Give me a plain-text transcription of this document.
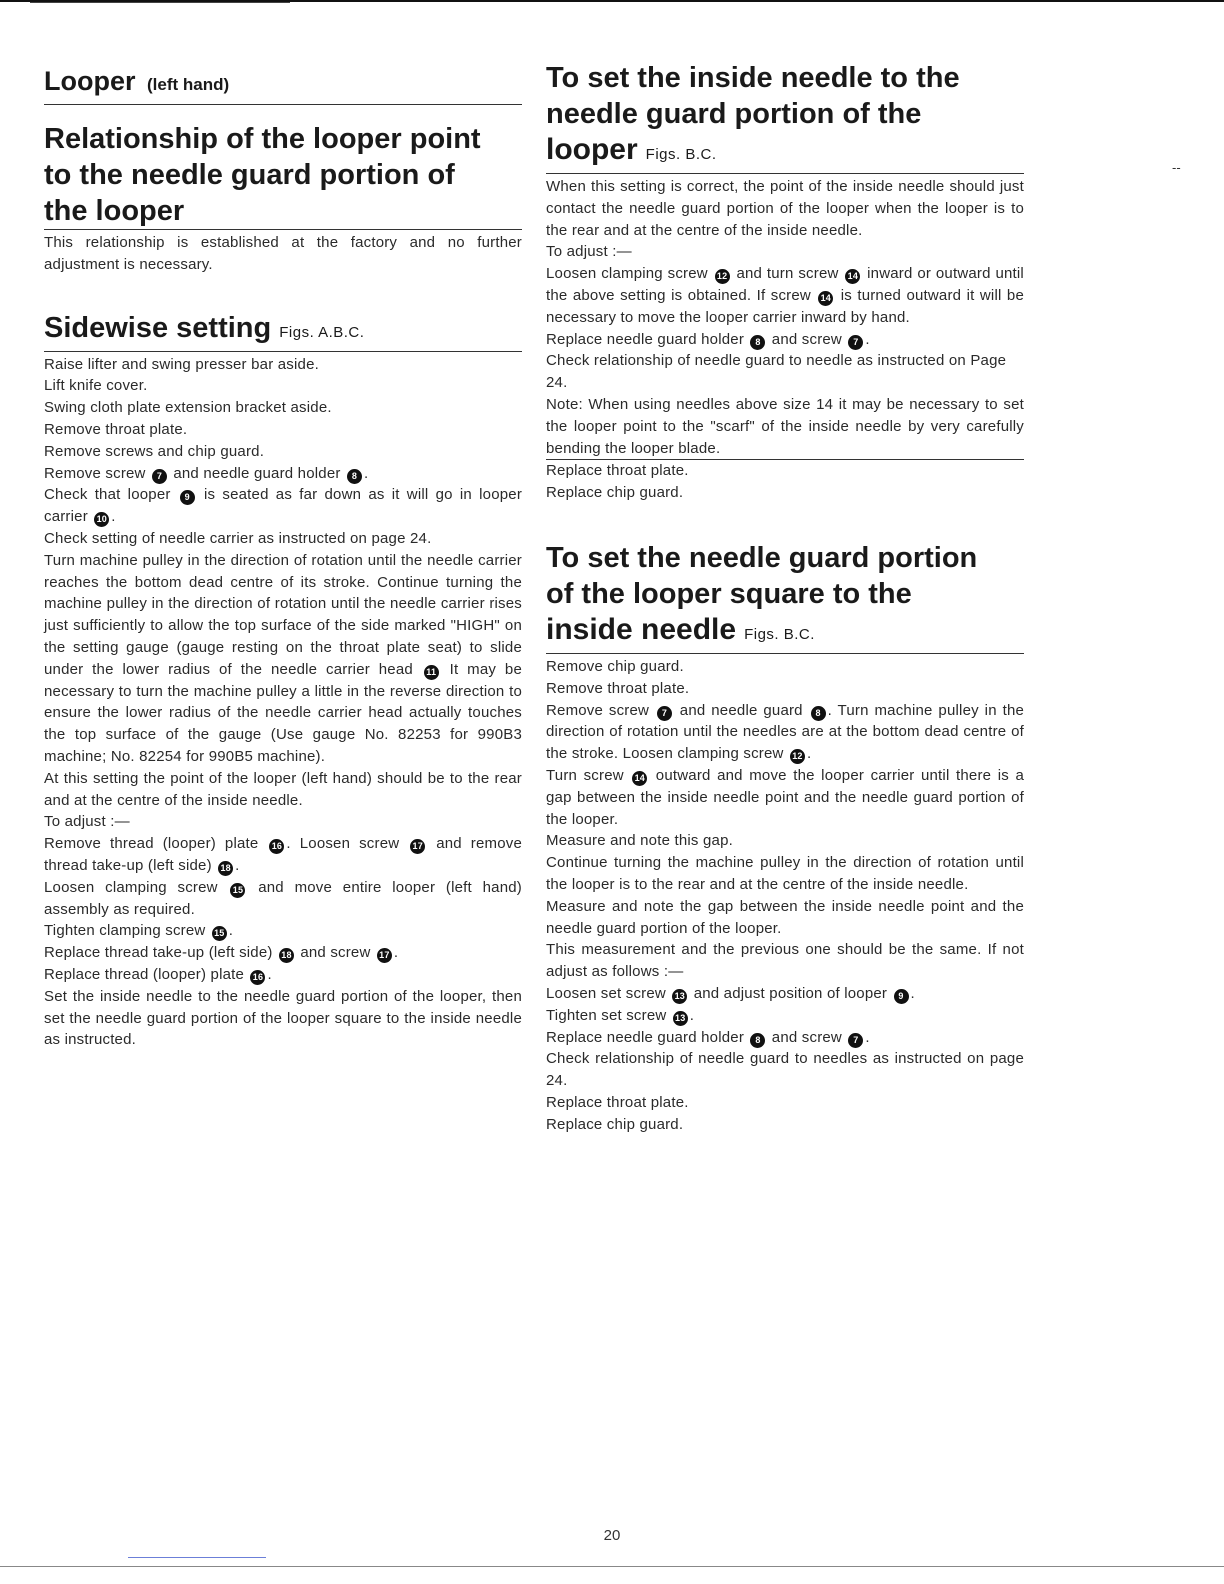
--
Looper (left hand)
Relationship of the looper point
to the needle guard portion of
the looper

This relationship is established at the factory and no further adjustment is necessary.

Sidewise setting Figs. A.B.C.

Raise lifter and swing presser bar aside.

Lift knife cover.

Swing cloth plate extension bracket aside.

Remove throat plate.

Remove screws and chip guard.

Remove screw 7 and needle guard holder 8 .

Check that looper 9 is seated as far down as it will go in looper carrier 10 .

Check setting of needle carrier as instructed on page 24.

Turn machine pulley in the direction of rotation until the needle carrier reaches the bottom dead centre of its stroke. Continue turning the machine pulley in the direction of rotation until the needle carrier rises just sufficiently to allow the top surface of the side marked "HIGH" on the setting gauge (gauge resting on the throat plate seat) to slide under the lower radius of the needle carrier head 11 It may be necessary to turn the machine pulley a little in the reverse direction to ensure the lower radius of the needle carrier head actually touches the top surface of the gauge (Use gauge No. 82253 for 990B3 machine; No. 82254 for 990B5 machine).

At this setting the point of the looper (left hand) should be to the rear and at the centre of the inside needle.

To adjust :—

Remove thread (looper) plate 16 . Loosen screw 17 and remove thread take-up (left side) 18 .

Loosen clamping screw 15 and move entire looper (left hand) assembly as required.

Tighten clamping screw 15 .

Replace thread take-up (left side) 18 and screw 17 .

Replace thread (looper) plate 16 .

Set the inside needle to the needle guard portion of the looper, then set the needle guard portion of the looper square to the inside needle as instructed.

To set the inside needle to the
needle guard portion of the
looper Figs. B.C.

When this setting is correct, the point of the inside needle should just contact the needle guard portion of the looper when the looper is to the rear and at the centre of the inside needle.

To adjust :—

Loosen clamping screw 12 and turn screw 14 inward or outward until the above setting is obtained. If screw 14 is turned outward it will be necessary to move the looper carrier inward by hand.

Replace needle guard holder 8 and screw 7 .

Check relationship of needle guard to needle as instructed on Page 24.

Note: When using needles above size 14 it may be necessary to set the looper point to the "scarf" of the inside needle by very carefully bending the looper blade.

Replace throat plate.

Replace chip guard.

To set the needle guard portion
of the looper square to the
inside needle Figs. B.C.

Remove chip guard.

Remove throat plate.

Remove screw 7 and needle guard 8 . Turn machine pulley in the direction of rotation until the needles are at the bottom dead centre of the stroke. Loosen clamping screw 12 .

Turn screw 14 outward and move the looper carrier until there is a gap between the inside needle point and the needle guard portion of the looper.

Measure and note this gap.

Continue turning the machine pulley in the direction of rotation until the looper is to the rear and at the centre of the inside needle.

Measure and note the gap between the inside needle point and the needle guard portion of the looper.

This measurement and the previous one should be the same. If not adjust as follows :—

Loosen set screw 13 and adjust position of looper 9 .

Tighten set screw 13 .

Replace needle guard holder 8 and screw 7 .

Check relationship of needle guard to needles as instructed on page 24.

Replace throat plate.

Replace chip guard.

20
